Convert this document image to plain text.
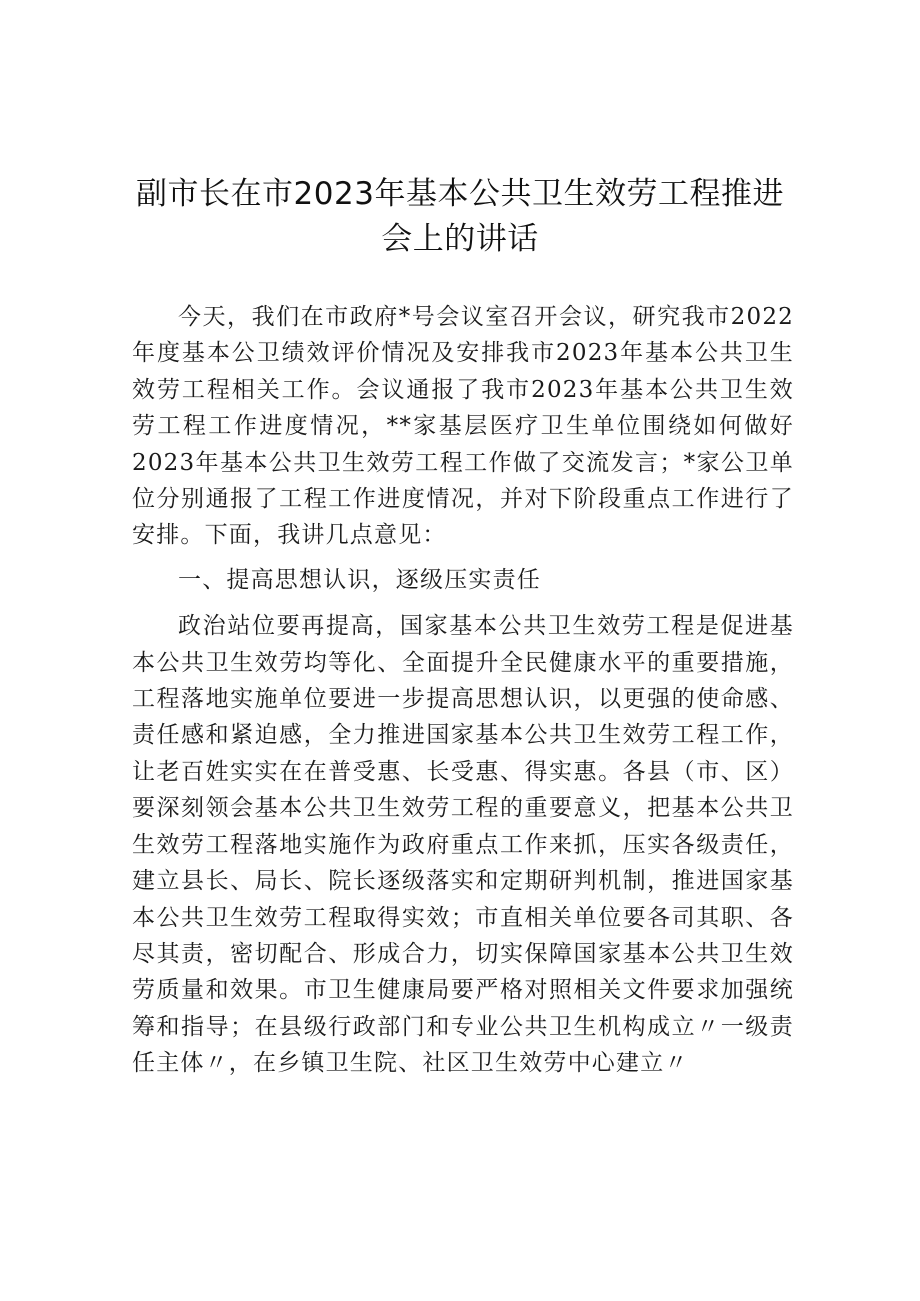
副市长在市2023年基本公共卫生效劳工程推进
会上的讲话

今天，我们在市政府*号会议室召开会议，研究我市2022年度基本公卫绩效评价情况及安排我市2023年基本公共卫生效劳工程相关工作。会议通报了我市2023年基本公共卫生效劳工程工作进度情况，**家基层医疗卫生单位围绕如何做好2023年基本公共卫生效劳工程工作做了交流发言；*家公卫单位分别通报了工程工作进度情况，并对下阶段重点工作进行了安排。下面，我讲几点意见：

一、提高思想认识，逐级压实责任

政治站位要再提高，国家基本公共卫生效劳工程是促进基本公共卫生效劳均等化、全面提升全民健康水平的重要措施，工程落地实施单位要进一步提高思想认识，以更强的使命感、责任感和紧迫感，全力推进国家基本公共卫生效劳工程工作，让老百姓实实在在普受惠、长受惠、得实惠。各县（市、区）要深刻领会基本公共卫生效劳工程的重要意义，把基本公共卫生效劳工程落地实施作为政府重点工作来抓，压实各级责任，建立县长、局长、院长逐级落实和定期研判机制，推进国家基本公共卫生效劳工程取得实效；市直相关单位要各司其职、各尽其责，密切配合、形成合力，切实保障国家基本公共卫生效劳质量和效果。市卫生健康局要严格对照相关文件要求加强统筹和指导；在县级行政部门和专业公共卫生机构成立〃一级责任主体〃，在乡镇卫生院、社区卫生效劳中心建立〃
